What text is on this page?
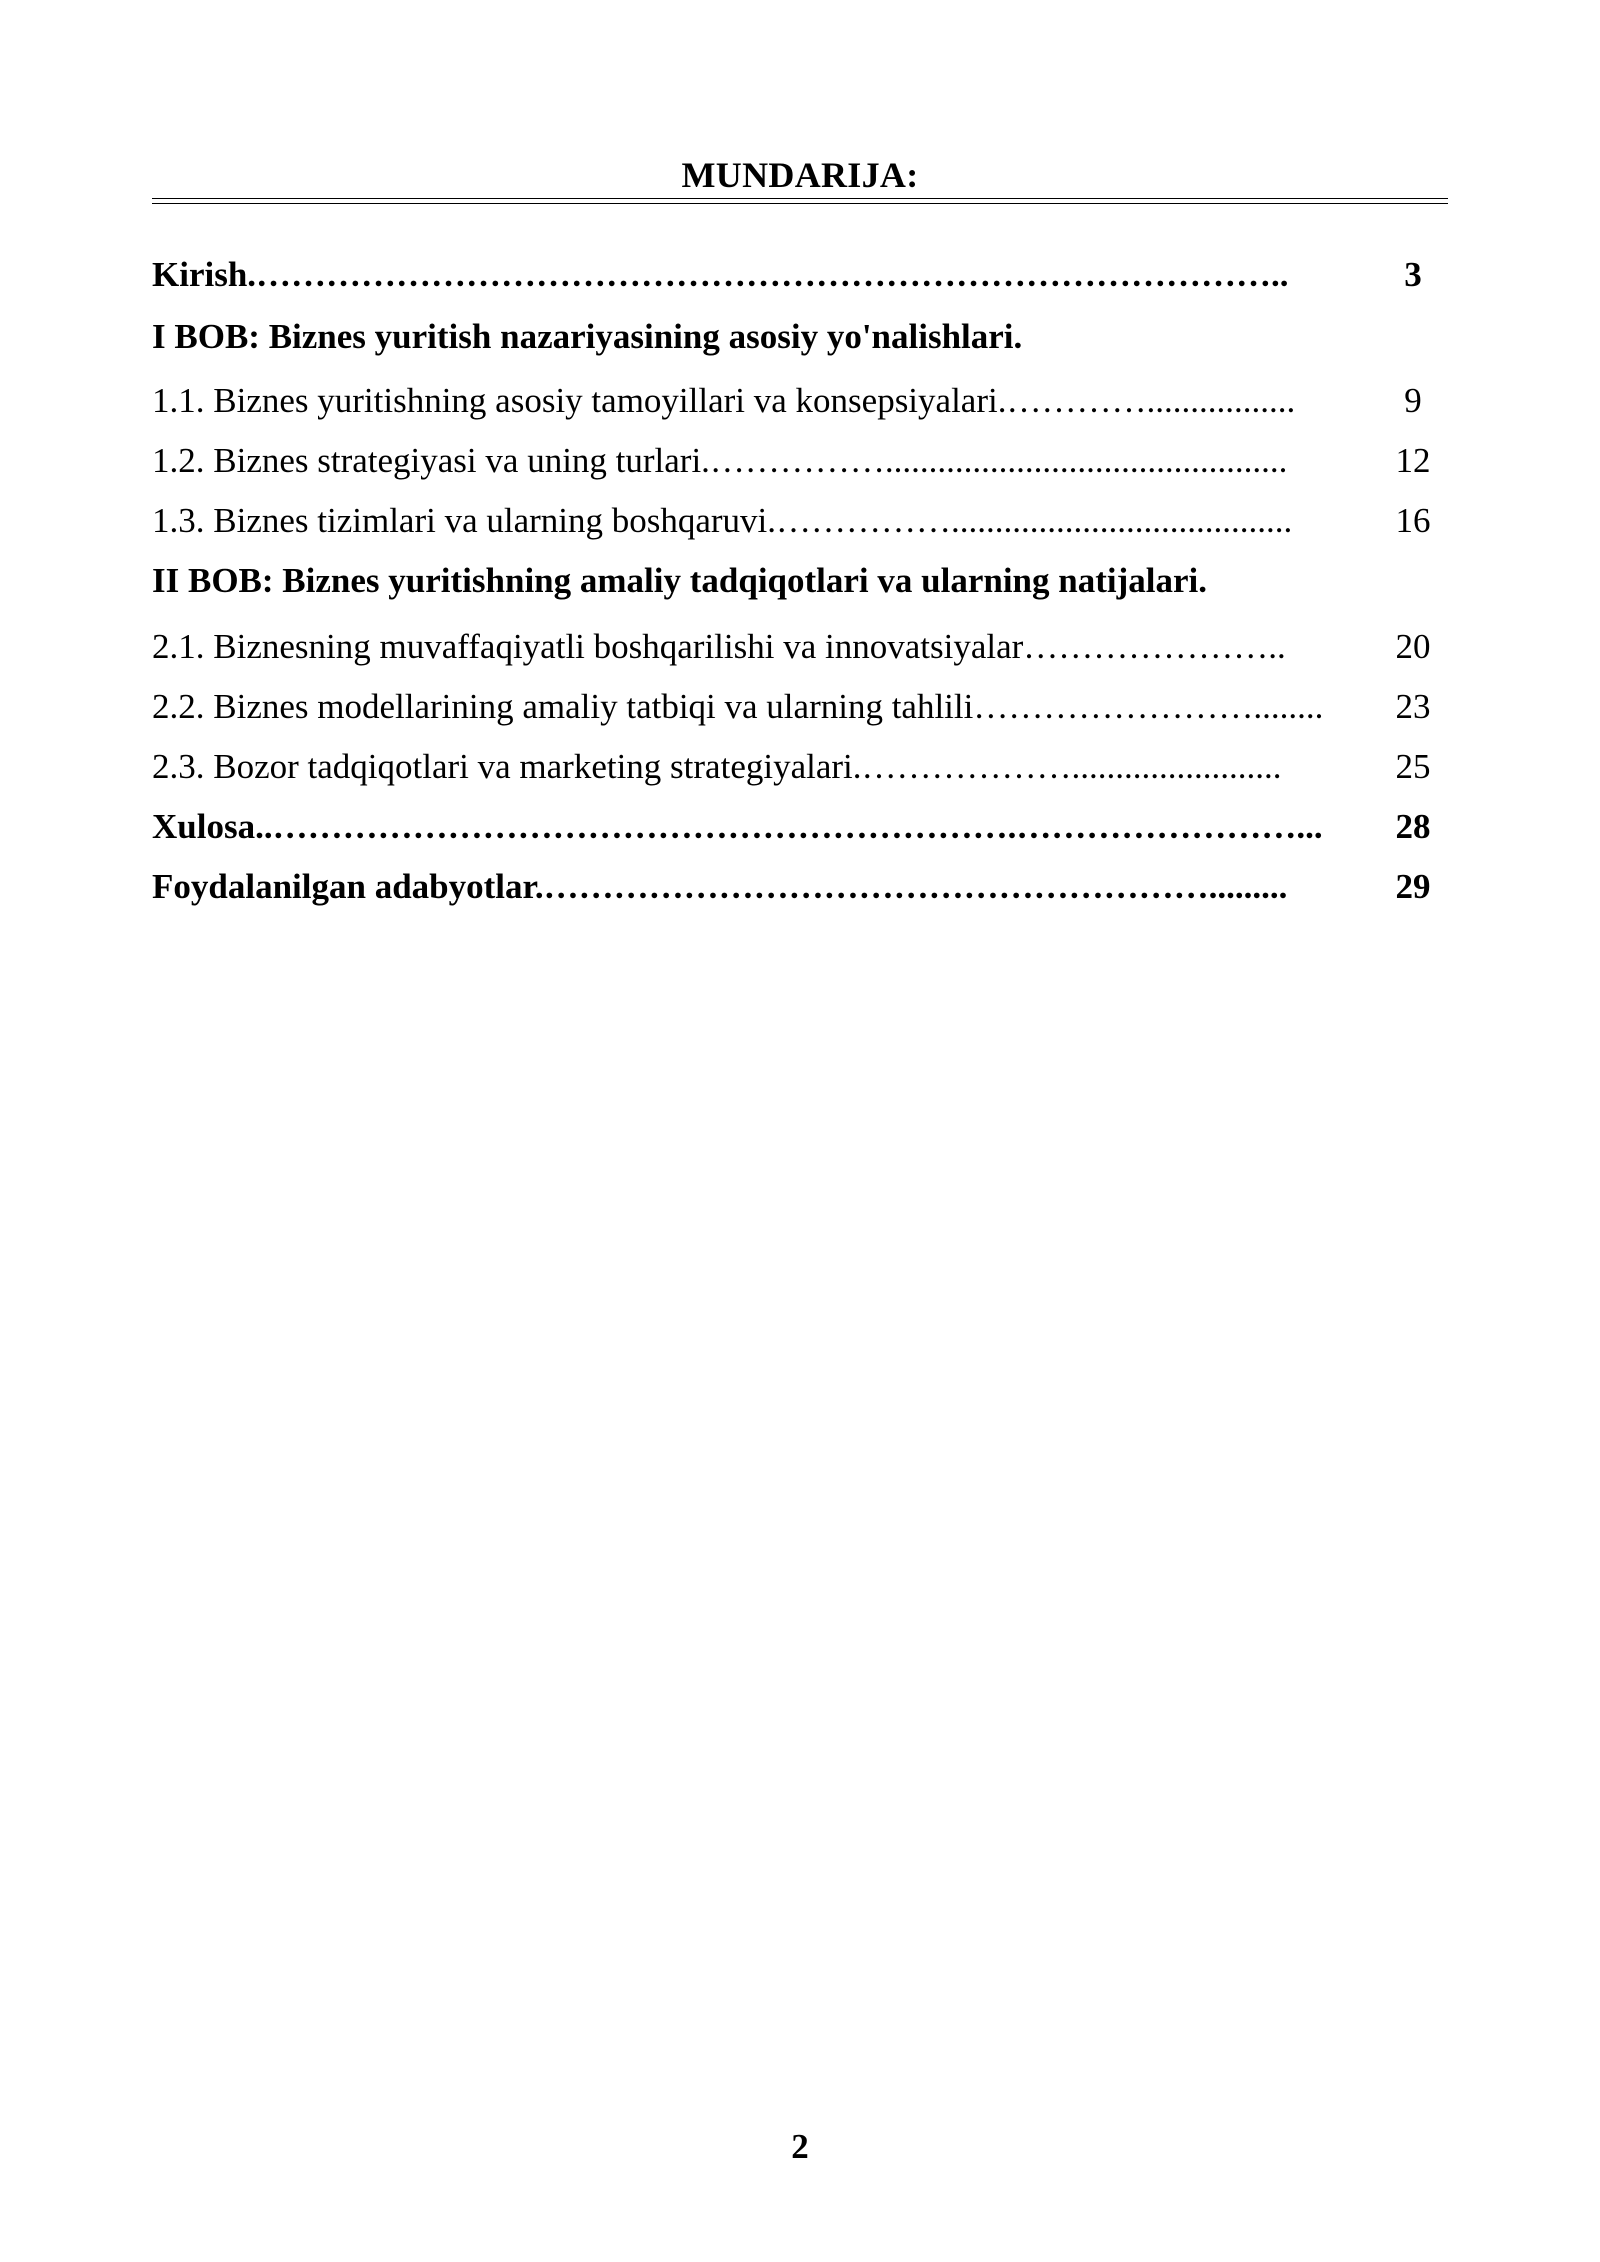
MUNDARIJA:
Kirish.……………………………………………………………………………..	3
I BOB: Biznes yuritish nazariyasining asosiy yo'nalishlari.
1.1. Biznes yuritishning asosiy tamoyillari va konsepsiyalari.………….................	9
1.2. Biznes strategiyasi va uning turlari.……………..............................................	12
1.3. Biznes tizimlari va ularning boshqaruvi.…………….......................................	16
II BOB: Biznes yuritishning amaliy tadqiqotlari va ularning natijalari.
2.1. Biznesning muvaffaqiyatli boshqarilishi va innovatsiyalar…………………..	20
2.2. Biznes modellarining amaliy tatbiqi va ularning tahlili……………………........	23
2.3. Bozor tadqiqotlari va marketing strategiyalari.………………........................	25
Xulosa..……………………………………………………….……………………...	28
Foydalanilgan adabyotlar.………………………………………………….........	29
2
